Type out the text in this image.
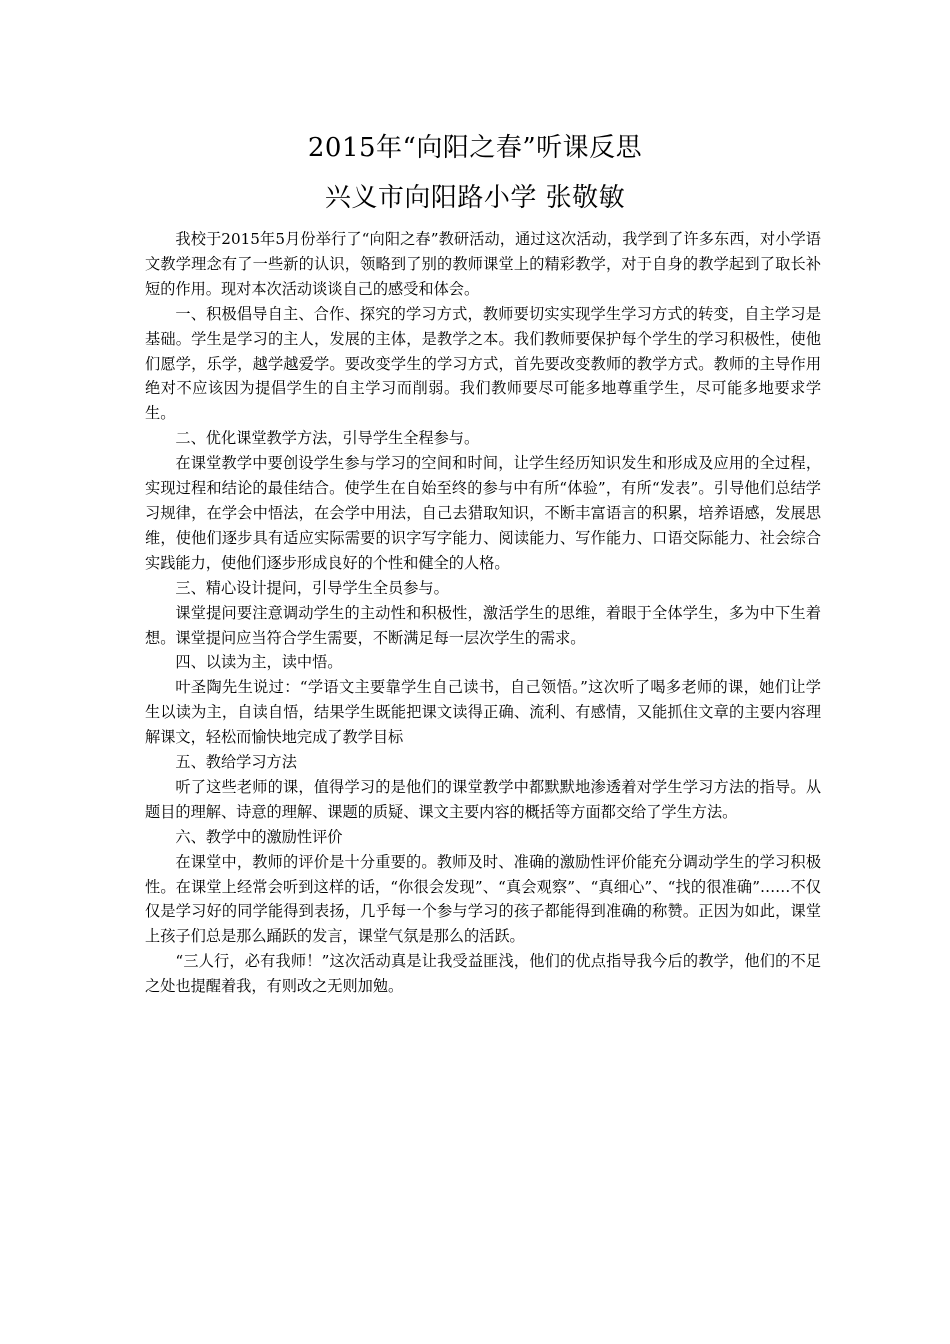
2015年“向阳之春”听课反思
兴义市向阳路小学 张敬敏

我校于2015年5月份举行了“向阳之春”教研活动，通过这次活动，我学到了许多东西，对小学语文教学理念有了一些新的认识，领略到了别的教师课堂上的精彩教学，对于自身的教学起到了取长补短的作用。现对本次活动谈谈自己的感受和体会。

一、积极倡导自主、合作、探究的学习方式，教师要切实实现学生学习方式的转变，自主学习是基础。学生是学习的主人，发展的主体，是教学之本。我们教师要保护每个学生的学习积极性，使他们愿学，乐学，越学越爱学。要改变学生的学习方式，首先要改变教师的教学方式。教师的主导作用绝对不应该因为提倡学生的自主学习而削弱。我们教师要尽可能多地尊重学生，尽可能多地要求学生。

二、优化课堂教学方法，引导学生全程参与。

在课堂教学中要创设学生参与学习的空间和时间，让学生经历知识发生和形成及应用的全过程，实现过程和结论的最佳结合。使学生在自始至终的参与中有所“体验”，有所“发表”。引导他们总结学习规律，在学会中悟法，在会学中用法，自己去猎取知识，不断丰富语言的积累，培养语感，发展思维，使他们逐步具有适应实际需要的识字写字能力、阅读能力、写作能力、口语交际能力、社会综合实践能力，使他们逐步形成良好的个性和健全的人格。

三、精心设计提问，引导学生全员参与。

课堂提问要注意调动学生的主动性和积极性，激活学生的思维，着眼于全体学生，多为中下生着想。课堂提问应当符合学生需要，不断满足每一层次学生的需求。

四、以读为主，读中悟。

叶圣陶先生说过：“学语文主要靠学生自己读书，自己领悟。”这次听了喝多老师的课，她们让学生以读为主，自读自悟，结果学生既能把课文读得正确、流利、有感情，又能抓住文章的主要内容理解课文，轻松而愉快地完成了教学目标

五、教给学习方法

听了这些老师的课，值得学习的是他们的课堂教学中都默默地渗透着对学生学习方法的指导。从题目的理解、诗意的理解、课题的质疑、课文主要内容的概括等方面都交给了学生方法。

六、教学中的激励性评价

在课堂中，教师的评价是十分重要的。教师及时、准确的激励性评价能充分调动学生的学习积极性。在课堂上经常会听到这样的话，“你很会发现”、“真会观察”、“真细心”、“找的很准确”……不仅仅是学习好的同学能得到表扬，几乎每一个参与学习的孩子都能得到准确的称赞。正因为如此，课堂上孩子们总是那么踊跃的发言，课堂气氛是那么的活跃。

“三人行，必有我师！”这次活动真是让我受益匪浅，他们的优点指导我今后的教学，他们的不足之处也提醒着我，有则改之无则加勉。
